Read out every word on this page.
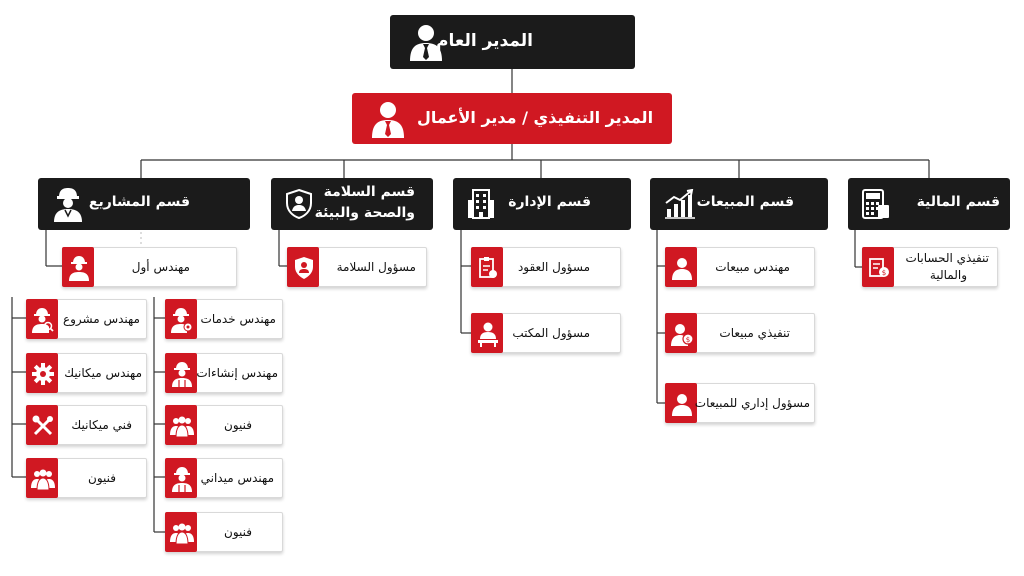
المدير العام
المدير التنفيذي / مدير الأعمال
قسم المالية
قسم المبيعات
قسم الإدارة
قسم السلامة
والصحة والبيئة
قسم المشاريع
$
تنفيذي الحسابات
والمالية
مهندس مبيعات
$ تنفيذي مبيعات
مسؤول إداري للمبيعات
مسؤول العقود
مسؤول المكتب
مسؤول السلامة
مهندس أول
مهندس مشروع
مهندس ميكانيك
فني ميكانيك
فنيون
مهندس خدمات
مهندس إنشاءات
فنيون
مهندس ميداني
فنيون
